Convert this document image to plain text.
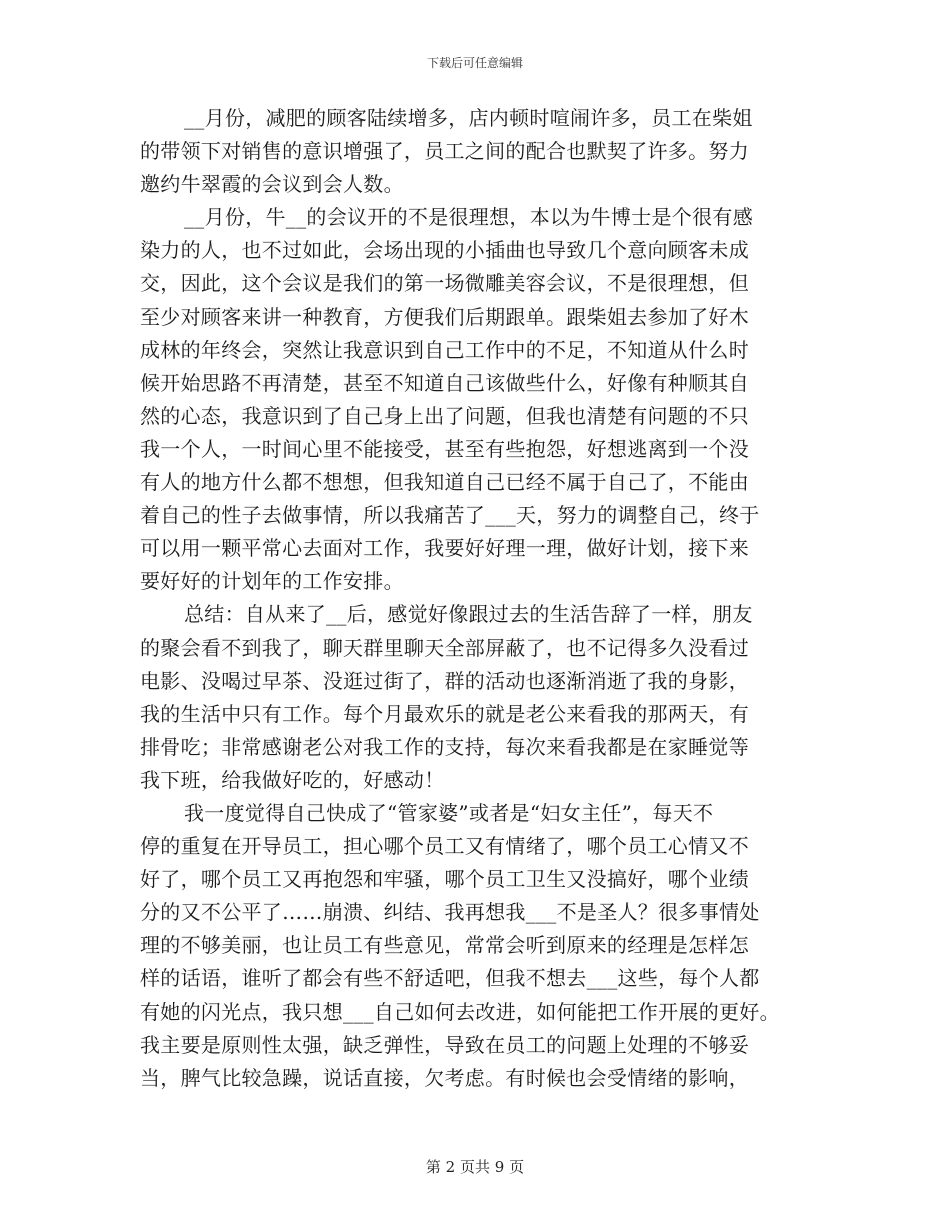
下载后可任意编辑
__月份，减肥的顾客陆续增多，店内顿时喧闹许多，员工在柴姐
的带领下对销售的意识增强了，员工之间的配合也默契了许多。努力
邀约牛翠霞的会议到会人数。
__月份，牛__的会议开的不是很理想，本以为牛博士是个很有感
染力的人，也不过如此，会场出现的小插曲也导致几个意向顾客未成
交，因此，这个会议是我们的第一场微雕美容会议，不是很理想，但
至少对顾客来讲一种教育，方便我们后期跟单。跟柴姐去参加了好木
成林的年终会，突然让我意识到自己工作中的不足，不知道从什么时
候开始思路不再清楚，甚至不知道自己该做些什么，好像有种顺其自
然的心态，我意识到了自己身上出了问题，但我也清楚有问题的不只
我一个人，一时间心里不能接受，甚至有些抱怨，好想逃离到一个没
有人的地方什么都不想想，但我知道自己已经不属于自己了，不能由
着自己的性子去做事情，所以我痛苦了___天，努力的调整自己，终于
可以用一颗平常心去面对工作，我要好好理一理，做好计划，接下来
要好好的计划年的工作安排。
总结：自从来了__后，感觉好像跟过去的生活告辞了一样，朋友
的聚会看不到我了，聊天群里聊天全部屏蔽了，也不记得多久没看过
电影、没喝过早茶、没逛过街了，群的活动也逐渐消逝了我的身影，
我的生活中只有工作。每个月最欢乐的就是老公来看我的那两天，有
排骨吃；非常感谢老公对我工作的支持，每次来看我都是在家睡觉等
我下班，给我做好吃的，好感动！
我一度觉得自己快成了“管家婆”或者是“妇女主任”，每天不
停的重复在开导员工，担心哪个员工又有情绪了，哪个员工心情又不
好了，哪个员工又再抱怨和牢骚，哪个员工卫生又没搞好，哪个业绩
分的又不公平了……崩溃、纠结、我再想我___不是圣人？很多事情处
理的不够美丽，也让员工有些意见，常常会听到原来的经理是怎样怎
样的话语，谁听了都会有些不舒适吧，但我不想去___这些，每个人都
有她的闪光点，我只想___自己如何去改进，如何能把工作开展的更好。
我主要是原则性太强，缺乏弹性，导致在员工的问题上处理的不够妥
当，脾气比较急躁，说话直接，欠考虑。有时候也会受情绪的影响，
第 2 页共 9 页
